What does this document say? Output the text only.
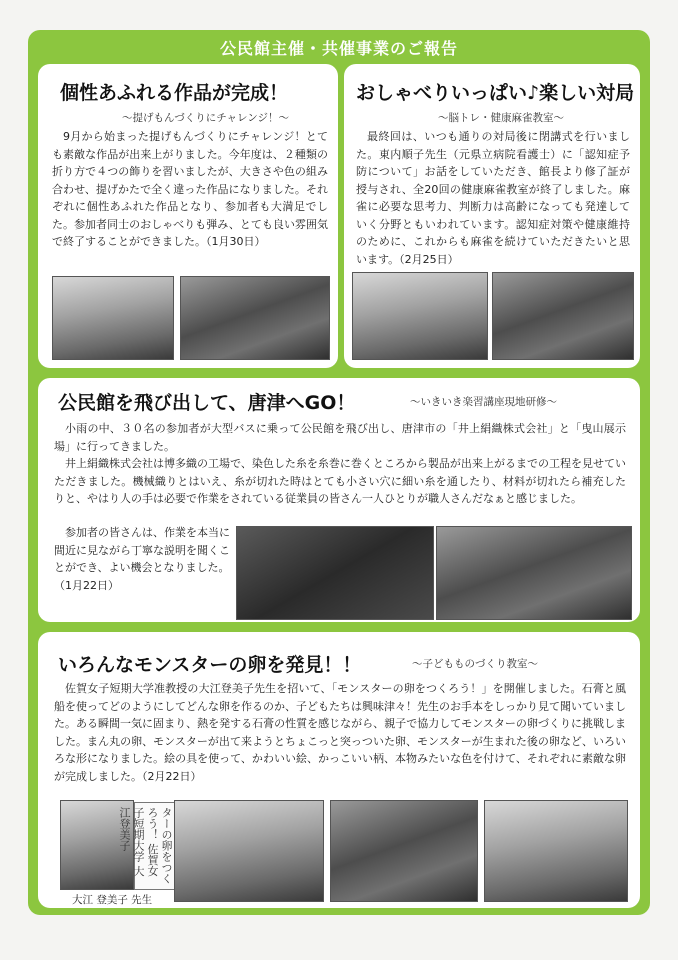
公民館主催・共催事業のご報告
個性あふれる作品が完成！
～提げもんづくりにチャレンジ！～
9月から始まった提げもんづくりにチャレンジ！とても素敵な作品が出来上がりました。今年度は、２種類の折り方で４つの飾りを習いましたが、大きさや色の組み合わせ、提げかたで全く違った作品になりました。それぞれに個性あふれた作品となり、参加者も大満足でした。参加者同士のおしゃべりも弾み、とても良い雰囲気で終了することができました。（1月30日）
おしゃべりいっぱい♪楽しい対局
～脳トレ・健康麻雀教室～
最終回は、いつも通りの対局後に閉講式を行いました。東内順子先生（元県立病院看護士）に「認知症予防について」お話をしていただき、館長より修了証が授与され、全20回の健康麻雀教室が終了しました。麻雀に必要な思考力、判断力は高齢になっても発達していく分野ともいわれています。認知症対策や健康維持のために、これからも麻雀を続けていただきたいと思います。（2月25日）
公民館を飛び出して、唐津へGO！	～いきいき楽習講座現地研修～

小雨の中、３０名の参加者が大型バスに乗って公民館を飛び出し、唐津市の「井上絹織株式会社」と「曳山展示場」に行ってきました。

井上絹織株式会社は博多織の工場で、染色した糸を糸巻に巻くところから製品が出来上がるまでの工程を見せていただきました。機械織りとはいえ、糸が切れた時はとても小さい穴に細い糸を通したり、材料が切れたら補充したりと、やはり人の手は必要で作業をされている従業員の皆さん一人ひとりが職人さんだなぁと感じました。

参加者の皆さんは、作業を本当に間近に見ながら丁寧な説明を聞くことができ、よい機会となりました。

（1月22日）

いろんなモンスターの卵を発見！！	～子どもものづくり教室～
佐賀女子短期大学准教授の大江登美子先生を招いて、「モンスターの卵をつくろう！」を開催しました。石膏と風船を使ってどのようにしてどんな卵を作るのか、子どもたちは興味津々！先生のお手本をしっかり見て聞いていました。ある瞬間一気に固まり、熱を発する石膏の性質を感じながら、親子で協力してモンスターの卵づくりに挑戦しました。まん丸の卵、モンスターが出て来ようとちょこっと突っついた卵、モンスターが生まれた後の卵など、いろいろな形になりました。絵の具を使って、かわいい絵、かっこいい柄、本物みたいな色を付けて、それぞれに素敵な卵が完成しました。（2月22日）
ターの卵をつくろう！ 佐賀女子短期大学 大江登美子
大江 登美子 先生
